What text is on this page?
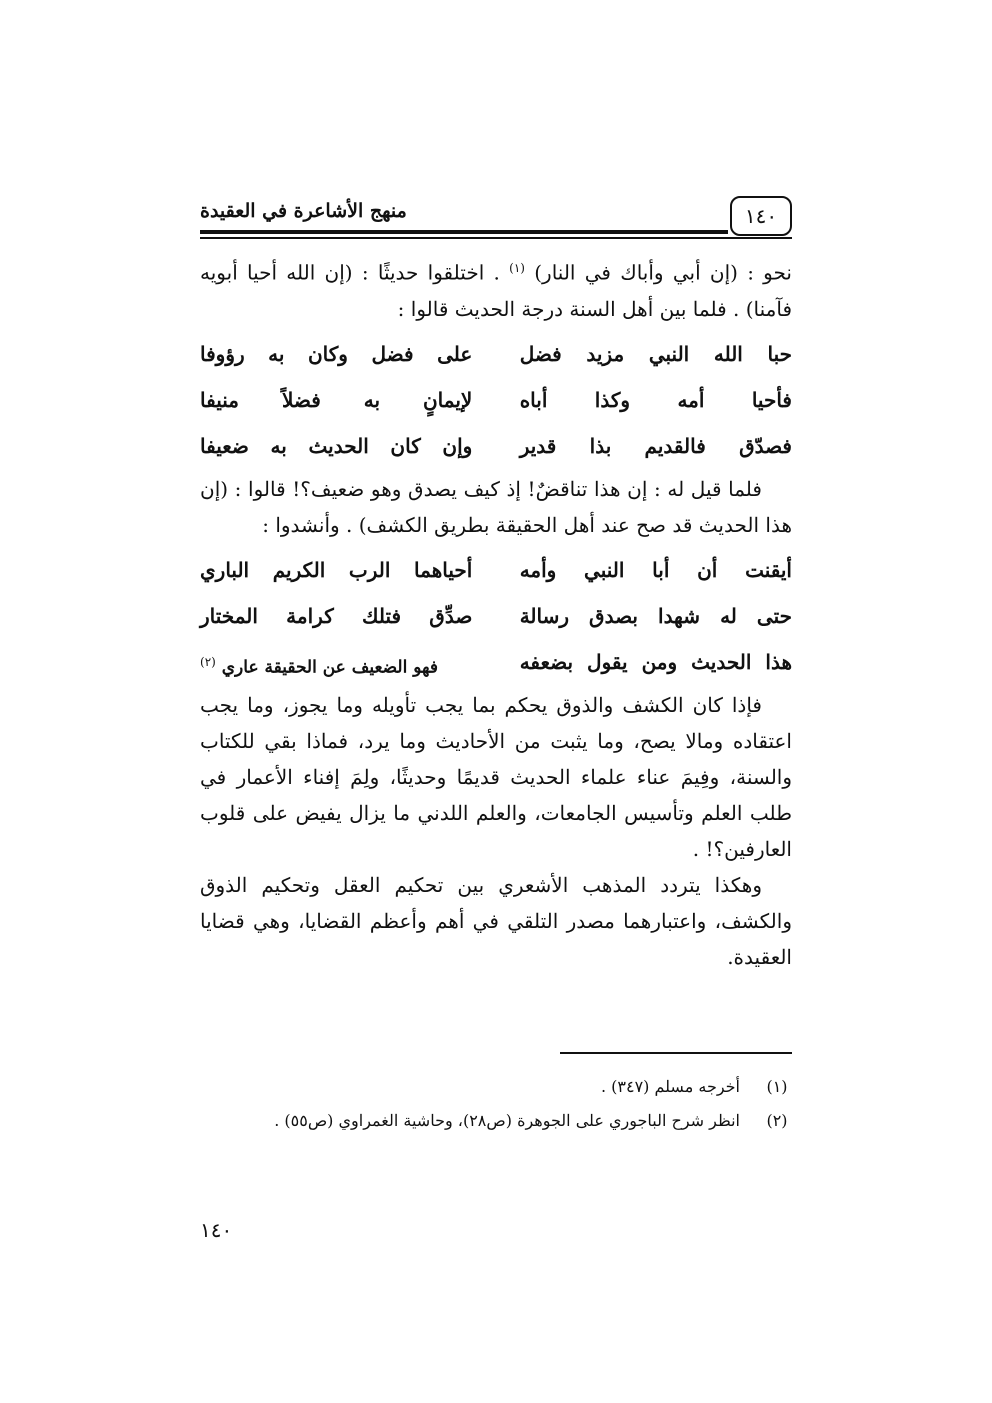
١٤٠
منهج الأشاعرة في العقيدة

نحو : (إن أبي وأباك في النار) $^{(١)}$ . اختلقوا حديثًا : (إن الله أحيا أبويه فآمنا) . فلما بين أهل السنة درجة الحديث قالوا :

حبا الله النبي مزيد فضل
على فضل وكان به رؤوفا
فأحيا أمه وكذا أباه
لإيمانٍ به فضلاً منيفا
فصدّق فالقديم بذا قدير
وإن كان الحديث به ضعيفا

فلما قيل له : إن هذا تناقضٌ! إذ كيف يصدق وهو ضعيف؟! قالوا : (إن هذا الحديث قد صح عند أهل الحقيقة بطريق الكشف) . وأنشدوا :

أيقنت أن أبا النبي وأمه
أحياهما الرب الكريم الباري
حتى له شهدا بصدق رسالة
صدِّق فتلك كرامة المختار
هذا الحديث ومن يقول بضعفه
فهو الضعيف عن الحقيقة عاري $^{(٢)}$

فإذا كان الكشف والذوق يحكم بما يجب تأويله وما يجوز، وما يجب اعتقاده ومالا يصح، وما يثبت من الأحاديث وما يرد، فماذا بقي للكتاب والسنة، وفِيمَ عناء علماء الحديث قديمًا وحديثًا، ولِمَ إفناء الأعمار في طلب العلم وتأسيس الجامعات، والعلم اللدني ما يزال يفيض على قلوب العارفين؟! .

وهكذا يتردد المذهب الأشعري بين تحكيم العقل وتحكيم الذوق والكشف، واعتبارهما مصدر التلقي في أهم وأعظم القضايا، وهي قضايا العقيدة.

(١)
أخرجه مسلم (٣٤٧) .
(٢)
انظر شرح الباجوري على الجوهرة (ص٢٨)، وحاشية الغمراوي (ص٥٥) .
١٤٠
